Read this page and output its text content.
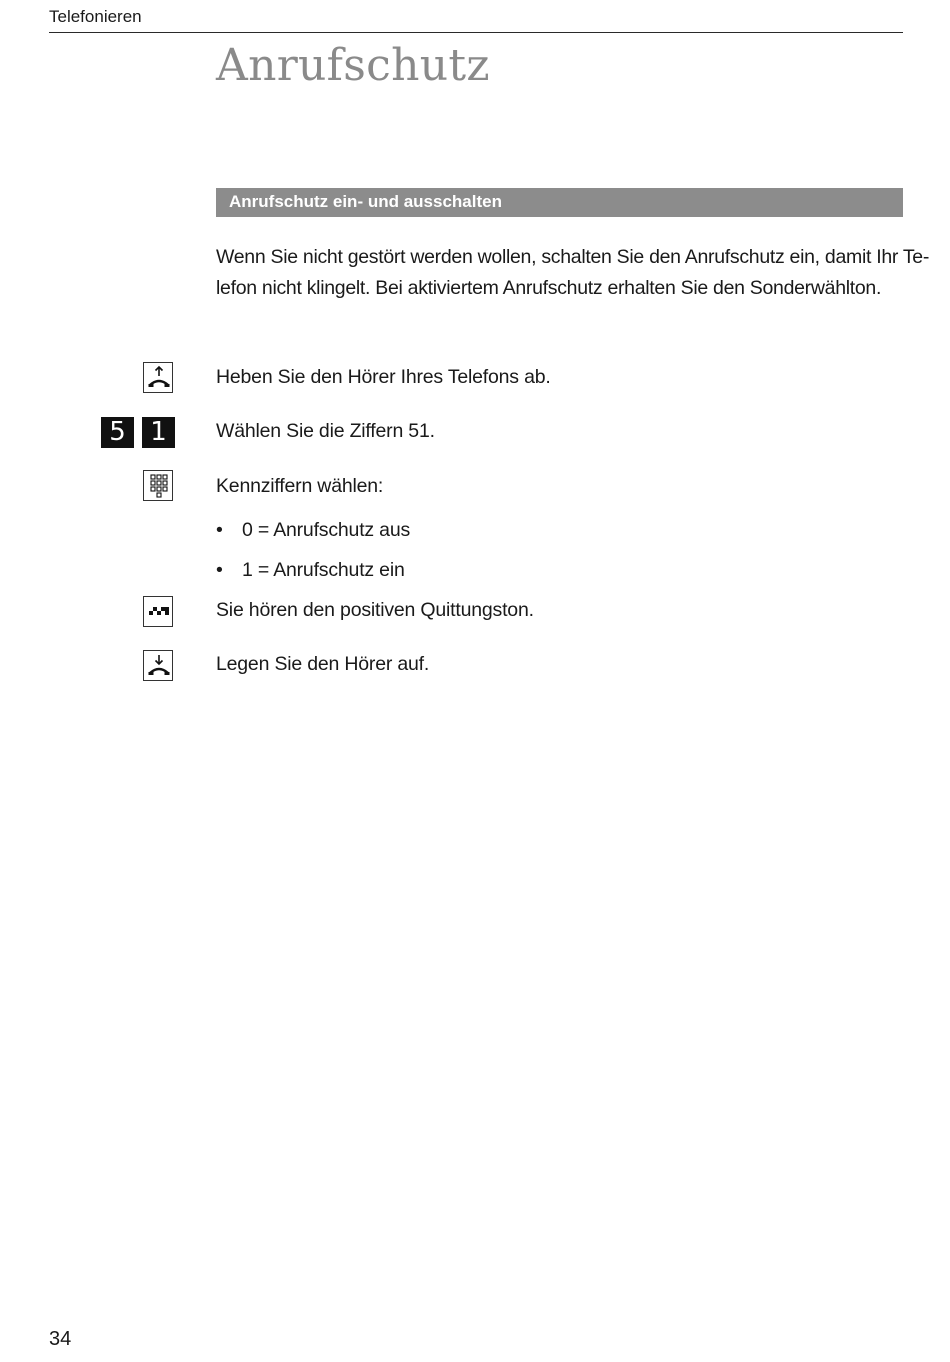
Telefonieren
Anrufschutz
Anrufschutz ein- und ausschalten
Wenn Sie nicht gestört werden wollen, schalten Sie den Anrufschutz ein, damit Ihr Te-
lefon nicht klingelt. Bei aktiviertem Anrufschutz erhalten Sie den Sonderwählton.
Heben Sie den Hörer Ihres Telefons ab.
5 1	Wählen Sie die Ziffern 51.
Kennziffern wählen:
• 0 = Anrufschutz aus
• 1 = Anrufschutz ein
Sie hören den positiven Quittungston.
Legen Sie den Hörer auf.
34
